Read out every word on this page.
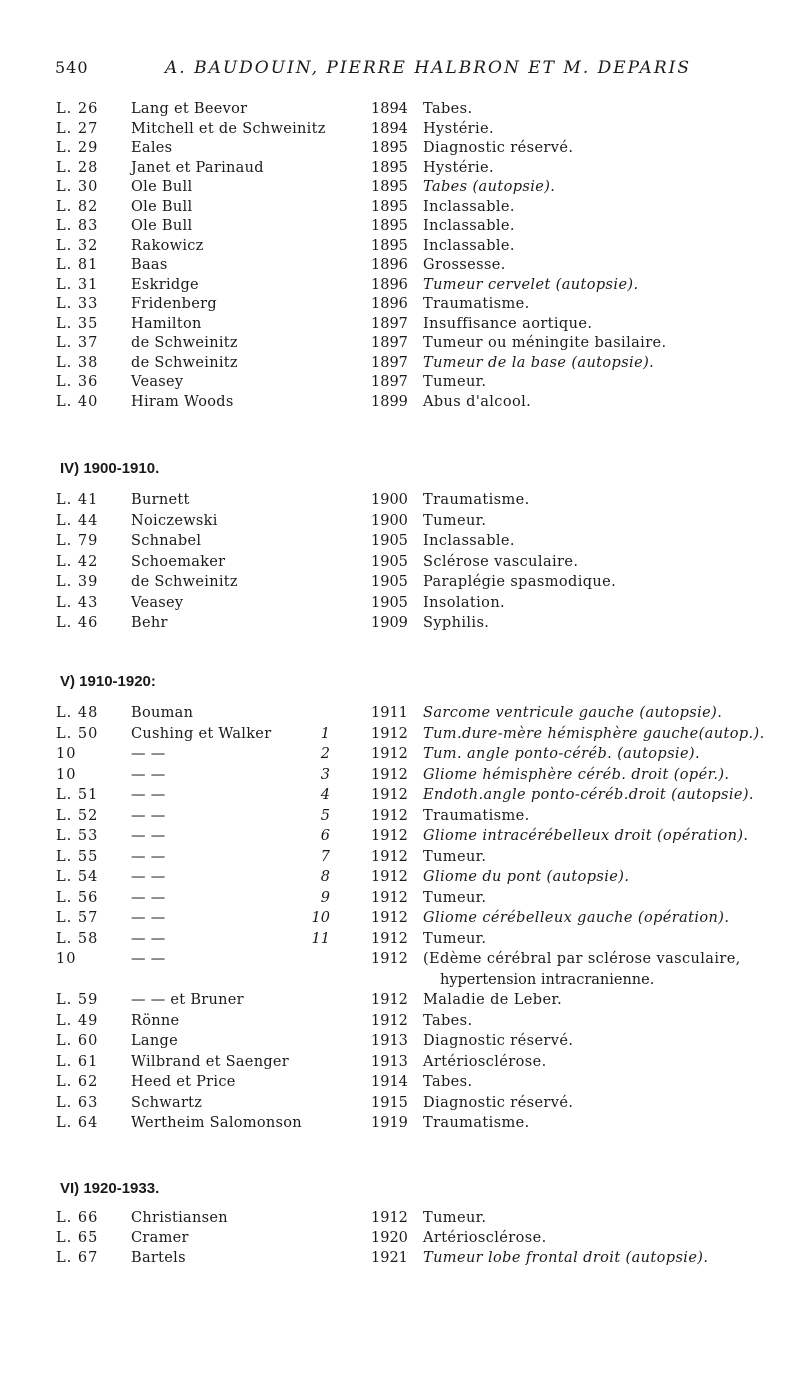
540	A. BAUDOUIN, PIERRE HALBRON ET M. DEPARIS
L. 26 Lang et Beevor	1894 Tabes.
L. 27 Mitchell et de Schweinitz	1894 Hystérie.
L. 29 Eales	1895 Diagnostic réservé.
L. 28 Janet et Parinaud	1895 Hystérie.
L. 30 Ole Bull	1895 Tabes (autopsie).
L. 82 Ole Bull	1895 Inclassable.
L. 83 Ole Bull	1895 Inclassable.
L. 32 Rakowicz	1895 Inclassable.
L. 81 Baas	1896 Grossesse.
L. 31 Eskridge	1896 Tumeur cervelet (autopsie).
L. 33 Fridenberg	1896 Traumatisme.
L. 35 Hamilton	1897 Insuffisance aortique.
L. 37 de Schweinitz	1897 Tumeur ou méningite basilaire.
L. 38 de Schweinitz	1897 Tumeur de la base (autopsie).
L. 36 Veasey	1897 Tumeur.
L. 40 Hiram Woods	1899 Abus d'alcool.
IV) 1900-1910.
L. 41 Burnett	1900 Traumatisme.
L. 44 Noiczewski	1900 Tumeur.
L. 79 Schnabel	1905 Inclassable.
L. 42 Schoemaker	1905 Sclérose vasculaire.
L. 39 de Schweinitz	1905 Paraplégie spasmodique.
L. 43 Veasey	1905 Insolation.
L. 46 Behr	1909 Syphilis.
V) 1910-1920:
L. 48 Bouman	1911 Sarcome ventricule gauche (autopsie).
L. 50 Cushing et Walker	1	1912 Tum.dure-mère hémisphère gauche(autop.).
10	— —	2	1912 Tum. angle ponto-céréb. (autopsie).
10	— —	3	1912 Gliome hémisphère céréb. droit (opér.).
L. 51 — —	4	1912 Endoth.angle ponto-céréb.droit (autopsie).
L. 52 — —	5	1912 Traumatisme.
L. 53 — —	6	1912 Gliome intracérébelleux droit (opération).
L. 55 — —	7	1912 Tumeur.
L. 54 — —	8	1912 Gliome du pont (autopsie).
L. 56 — —	9	1912 Tumeur.
L. 57 — —	10	1912 Gliome cérébelleux gauche (opération).
L. 58 — —	11	1912 Tumeur.
10	— —	1912 (Edème cérébral par sclérose vasculaire,
hypertension intracranienne.
L. 59 — — et Bruner	1912 Maladie de Leber.
L. 49 Rönne	1912 Tabes.
L. 60 Lange	1913 Diagnostic réservé.
L. 61 Wilbrand et Saenger	1913 Artériosclérose.
L. 62 Heed et Price	1914 Tabes.
L. 63 Schwartz	1915 Diagnostic réservé.
L. 64 Wertheim Salomonson	1919 Traumatisme.
VI) 1920-1933.
L. 66 Christiansen	1912 Tumeur.
L. 65 Cramer	1920 Artériosclérose.
L. 67 Bartels	1921 Tumeur lobe frontal droit (autopsie).
